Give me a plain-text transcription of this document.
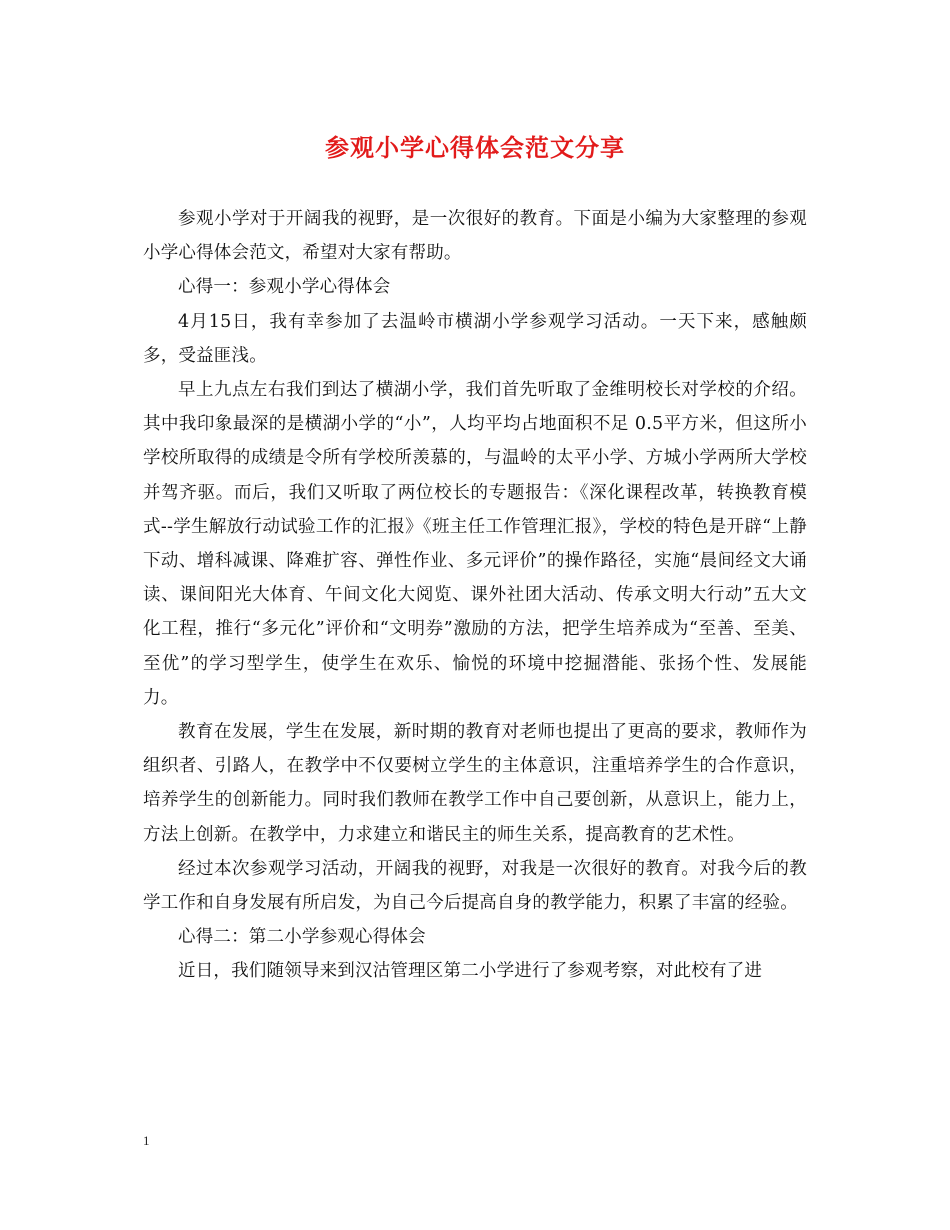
参观小学心得体会范文分享

参观小学对于开阔我的视野，是一次很好的教育。下面是小编为大家整理的参观小学心得体会范文，希望对大家有帮助。

心得一：参观小学心得体会

4月15日，我有幸参加了去温岭市横湖小学参观学习活动。一天下来，感触颇多，受益匪浅。

早上九点左右我们到达了横湖小学，我们首先听取了金维明校长对学校的介绍。其中我印象最深的是横湖小学的“小”，人均平均占地面积不足 0.5平方米，但这所小学校所取得的成绩是令所有学校所羡慕的，与温岭的太平小学、方城小学两所大学校并驾齐驱。而后，我们又听取了两位校长的专题报告：《深化课程改革，转换教育模式--学生解放行动试验工作的汇报》《班主任工作管理汇报》，学校的特色是开辟“上静下动、增科减课、降难扩容、弹性作业、多元评价”的操作路径，实施“晨间经文大诵读、课间阳光大体育、午间文化大阅览、课外社团大活动、传承文明大行动”五大文化工程，推行“多元化”评价和“文明券”激励的方法，把学生培养成为“至善、至美、至优”的学习型学生，使学生在欢乐、愉悦的环境中挖掘潜能、张扬个性、发展能力。

教育在发展，学生在发展，新时期的教育对老师也提出了更高的要求，教师作为组织者、引路人，在教学中不仅要树立学生的主体意识，注重培养学生的合作意识，培养学生的创新能力。同时我们教师在教学工作中自己要创新，从意识上，能力上，方法上创新。在教学中，力求建立和谐民主的师生关系，提高教育的艺术性。

经过本次参观学习活动，开阔我的视野，对我是一次很好的教育。对我今后的教学工作和自身发展有所启发，为自己今后提高自身的教学能力，积累了丰富的经验。

心得二：第二小学参观心得体会

近日，我们随领导来到汉沽管理区第二小学进行了参观考察，对此校有了进

1
